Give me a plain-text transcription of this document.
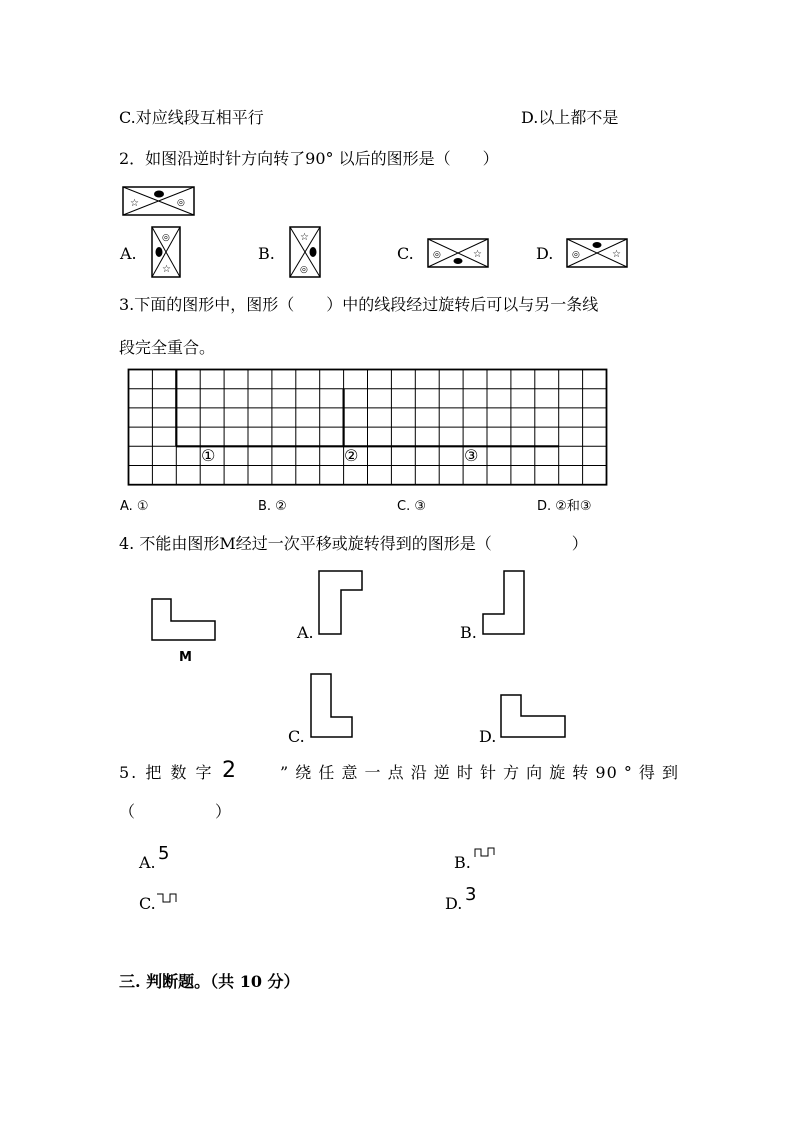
C.对应线段互相平行	D.以上都不是
2．如图沿逆时针方向转了90° 以后的图形是（　　）
☆	◎
A.
◎
☆
B.
☆
◎
C. ◎	☆	D. ◎	☆
3.下面的图形中，图形（　　）中的线段经过旋转后可以与另一条线
段完全重合。
①	②	③
A. ①	B. ②	C. ③	D. ②和③
4. 不能由图形M经过一次平移或旋转得到的图形是（　　　　　）
M
A.	B.
C.	D.
5. 把 数 字 2	” 绕 任 意 一 点 沿 逆 时 针 方 向 旋 转 90 ° 得 到
（　　　　　）
A. 5	B.
C.	D. 3
三. 判断题。（共 10 分）
